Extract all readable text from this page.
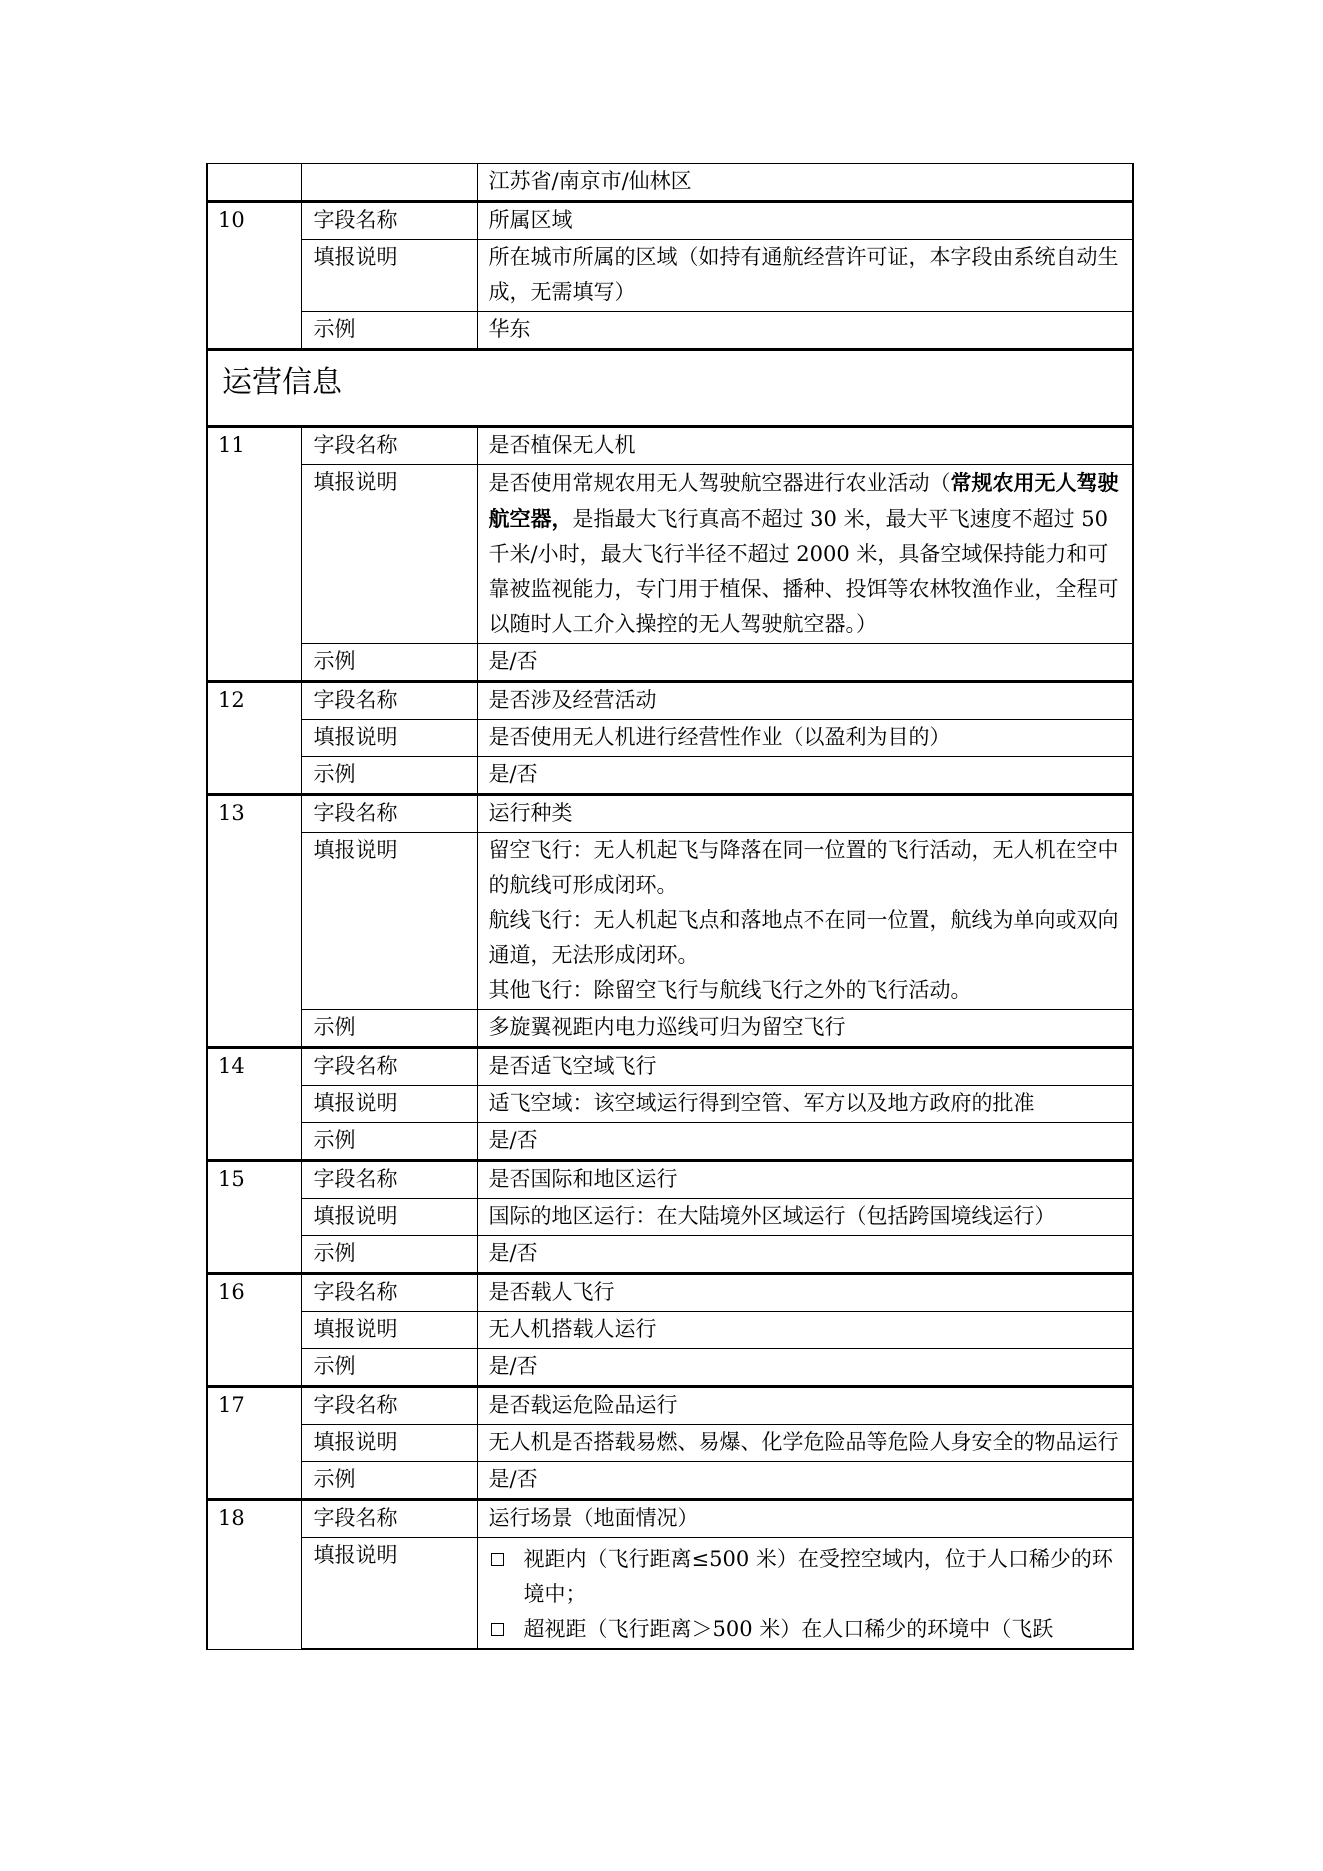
		江苏省/南京市/仙林区
10	字段名称	所属区域
	填报说明	所在城市所属的区域（如持有通航经营许可证，本字段由系统自动生成，无需填写）
	示例	华东
运营信息		
11	字段名称	是否植保无人机
	填报说明	是否使用常规农用无人驾驶航空器进行农业活动（常规农用无人驾驶航空器，是指最大飞行真高不超过 30 米，最大平飞速度不超过 50 千米/小时，最大飞行半径不超过 2000 米，具备空域保持能力和可靠被监视能力，专门用于植保、播种、投饵等农林牧渔作业，全程可以随时人工介入操控的无人驾驶航空器。）
	示例	是/否
12	字段名称	是否涉及经营活动
	填报说明	是否使用无人机进行经营性作业（以盈利为目的）
	示例	是/否
13	字段名称	运行种类
	填报说明	留空飞行：无人机起飞与降落在同一位置的飞行活动，无人机在空中的航线可形成闭环。
航线飞行：无人机起飞点和落地点不在同一位置，航线为单向或双向通道，无法形成闭环。
其他飞行：除留空飞行与航线飞行之外的飞行活动。

	示例	多旋翼视距内电力巡线可归为留空飞行
14	字段名称	是否适飞空域飞行
	填报说明	适飞空域：该空域运行得到空管、军方以及地方政府的批准
	示例	是/否
15	字段名称	是否国际和地区运行
	填报说明	国际的地区运行：在大陆境外区域运行（包括跨国境线运行）
	示例	是/否
16	字段名称	是否载人飞行
	填报说明	无人机搭载人运行
	示例	是/否
17	字段名称	是否载运危险品运行
	填报说明	无人机是否搭载易燃、易爆、化学危险品等危险人身安全的物品运行
	示例	是/否
18	字段名称	运行场景（地面情况）
	填报说明	视距内（飞行距离≤500 米）在受控空域内，位于人口稀少的环境中；
超视距（飞行距离＞500 米）在人口稀少的环境中（飞跃
